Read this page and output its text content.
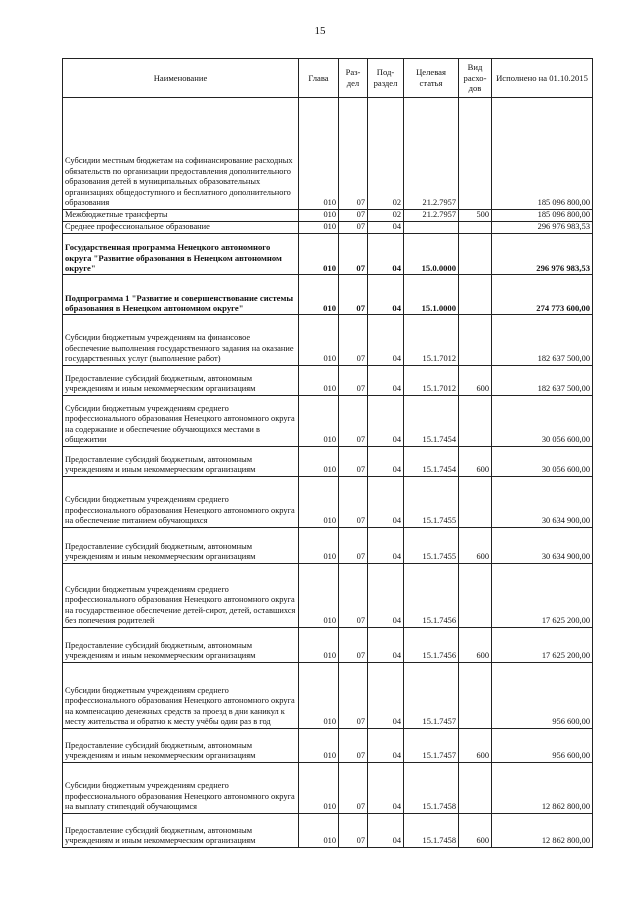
15
Наименование	Глава	Раз-дел	Под-раздел	Целевая статья	Вид расхо-дов	Исполнено на 01.10.2015
Субсидии местным бюджетам на софинансирование расходных обязательств по организации предоставления дополнительного образования детей в муниципальных образовательных организациях общедоступного и бесплатного дополнительного образования	010	07	02	21.2.7957		185 096 800,00
Межбюджетные трансферты	010	07	02	21.2.7957	500	185 096 800,00
Среднее профессиональное образование	010	07	04			296 976 983,53
Государственная программа Ненецкого автономного округа "Развитие образования в Ненецком автономном округе"	010	07	04	15.0.0000		296 976 983,53
Подпрограмма 1 "Развитие и совершенствование системы образования в Ненецком автономном округе"	010	07	04	15.1.0000		274 773 600,00
Субсидии бюджетным учреждениям на финансовое обеспечение выполнения государственного задания на оказание государственных услуг (выполнение работ)	010	07	04	15.1.7012		182 637 500,00
Предоставление субсидий бюджетным, автономным учреждениям и иным некоммерческим организациям	010	07	04	15.1.7012	600	182 637 500,00
Субсидии бюджетным учреждениям среднего профессионального образования Ненецкого автономного округа на содержание и обеспечение обучающихся местами в общежитии	010	07	04	15.1.7454		30 056 600,00
Предоставление субсидий бюджетным, автономным учреждениям и иным некоммерческим организациям	010	07	04	15.1.7454	600	30 056 600,00
Субсидии бюджетным учреждениям среднего профессионального образования Ненецкого автономного округа на обеспечение питанием обучающихся	010	07	04	15.1.7455		30 634 900,00
Предоставление субсидий бюджетным, автономным учреждениям и иным некоммерческим организациям	010	07	04	15.1.7455	600	30 634 900,00
Субсидии бюджетным учреждениям среднего профессионального образования Ненецкого автономного округа на государственное обеспечение детей-сирот, детей, оставшихся без попечения родителей	010	07	04	15.1.7456		17 625 200,00
Предоставление субсидий бюджетным, автономным учреждениям и иным некоммерческим организациям	010	07	04	15.1.7456	600	17 625 200,00
Субсидии бюджетным учреждениям среднего профессионального образования Ненецкого автономного округа на компенсацию денежных средств за проезд в дни каникул к месту жительства и обратно к месту учёбы один раз в год	010	07	04	15.1.7457		956 600,00
Предоставление субсидий бюджетным, автономным учреждениям и иным некоммерческим организациям	010	07	04	15.1.7457	600	956 600,00
Субсидии бюджетным учреждениям среднего профессионального образования Ненецкого автономного округа на выплату стипендий обучающимся	010	07	04	15.1.7458		12 862 800,00
Предоставление субсидий бюджетным, автономным учреждениям и иным некоммерческим организациям	010	07	04	15.1.7458	600	12 862 800,00
